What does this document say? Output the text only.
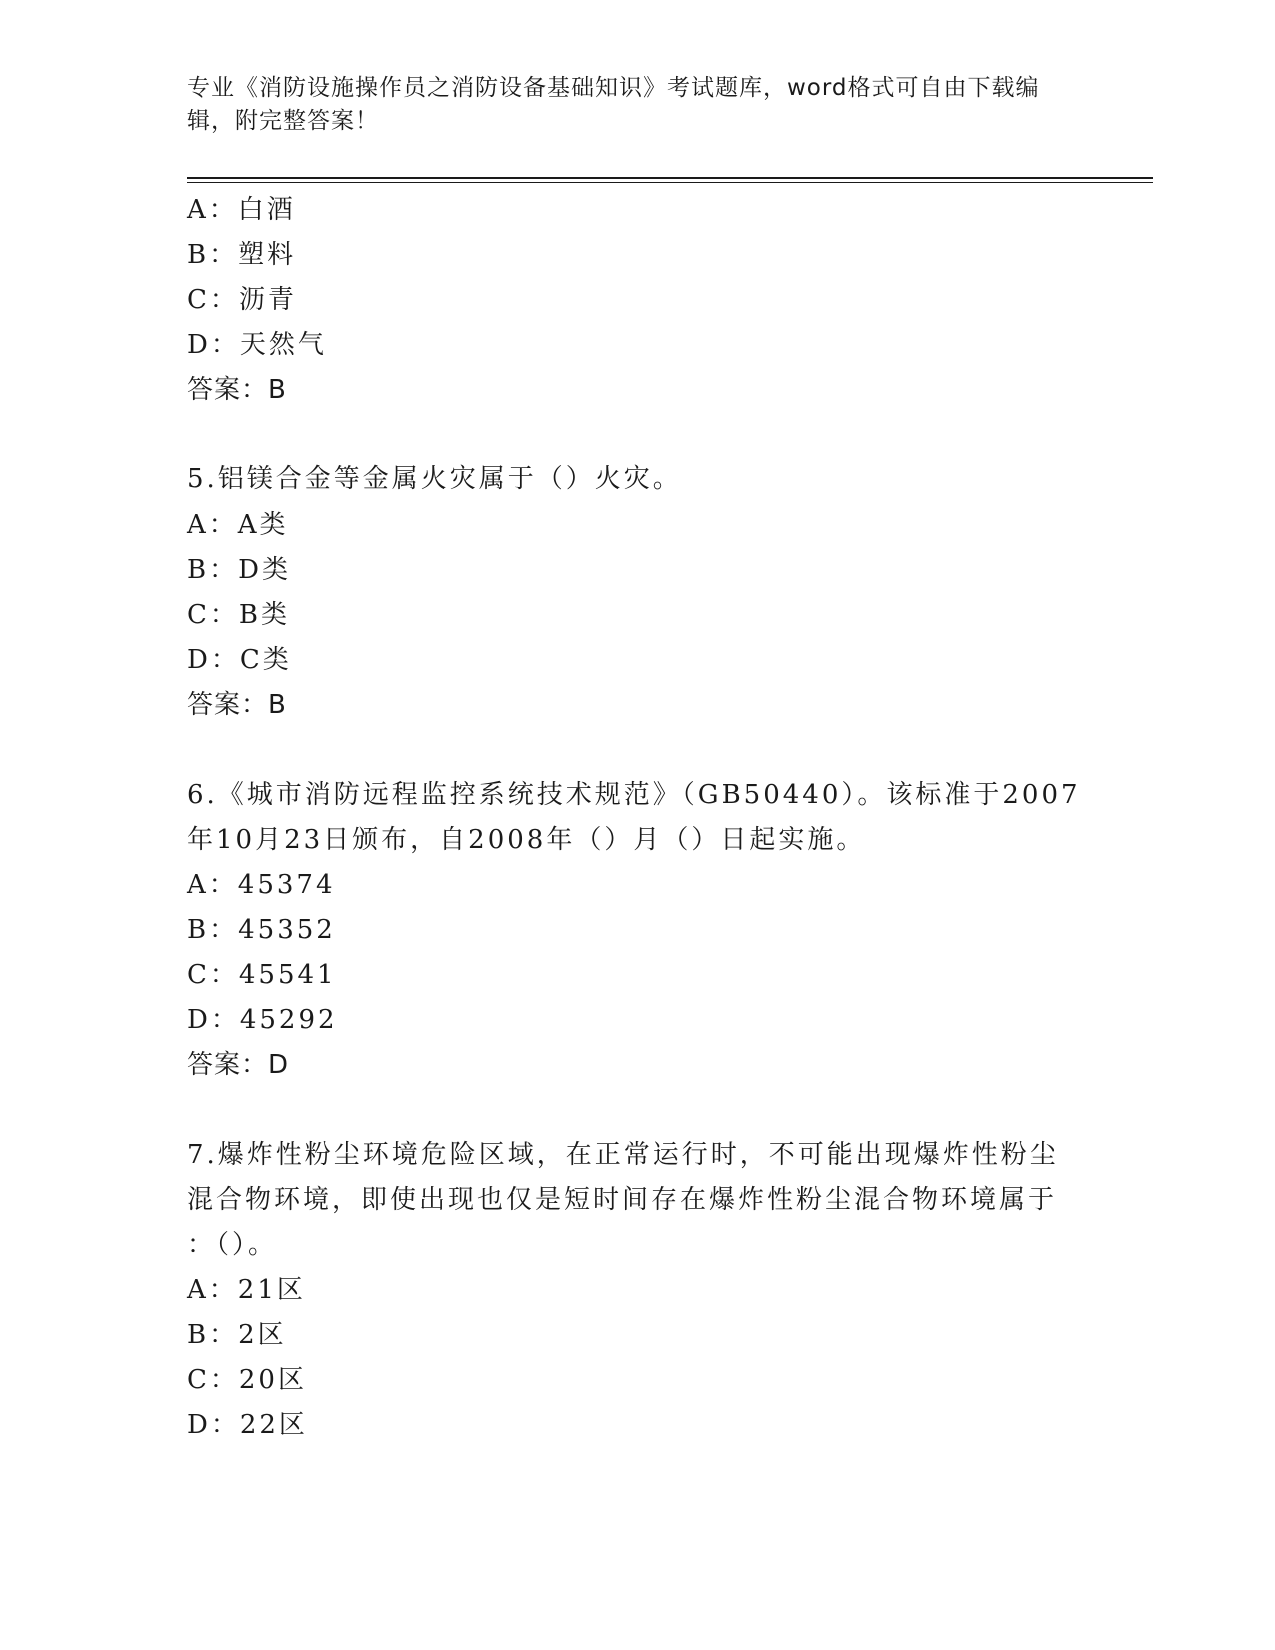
专业《消防设施操作员之消防设备基础知识》考试题库，word格式可自由下载编
辑，附完整答案！
A：白酒
B：塑料
C：沥青
D：天然气
答案：B
5.铝镁合金等金属火灾属于（）火灾。
A：A类
B：D类
C：B类
D：C类
答案：B
6.《城市消防远程监控系统技术规范》（GB50440）。该标准于2007
年10月23日颁布，自2008年（）月（）日起实施。
A：45374
B：45352
C：45541
D：45292
答案：D
7.爆炸性粉尘环境危险区域，在正常运行时，不可能出现爆炸性粉尘
混合物环境，即使出现也仅是短时间存在爆炸性粉尘混合物环境属于
：（）。
A：21区
B：2区
C：20区
D：22区
